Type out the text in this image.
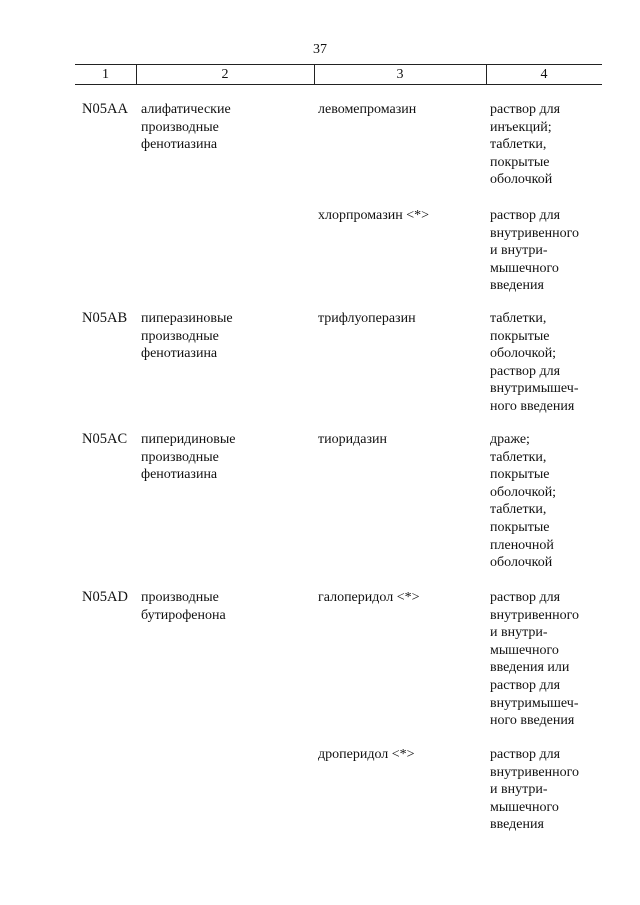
37
1	2	3	4
N05AA алифатические
производные
фенотиазина
левомепромазин	раствор для
инъекций;
таблетки,
покрытые
оболочкой
хлорпромазин <*>	раствор для
внутривенного
и внутри-
мышечного
введения
N05AB пиперазиновые
производные
фенотиазина
трифлуоперазин	таблетки,
покрытые
оболочкой;
раствор для
внутримышеч-
ного введения
N05AC пиперидиновые
производные
фенотиазина
тиоридазин	драже;
таблетки,
покрытые
оболочкой;
таблетки,
покрытые
пленочной
оболочкой
N05AD производные
бутирофенона
галоперидол <*>	раствор для
внутривенного
и внутри-
мышечного
введения или
раствор для
внутримышеч-
ного введения
дроперидол <*>	раствор для
внутривенного
и внутри-
мышечного
введения
